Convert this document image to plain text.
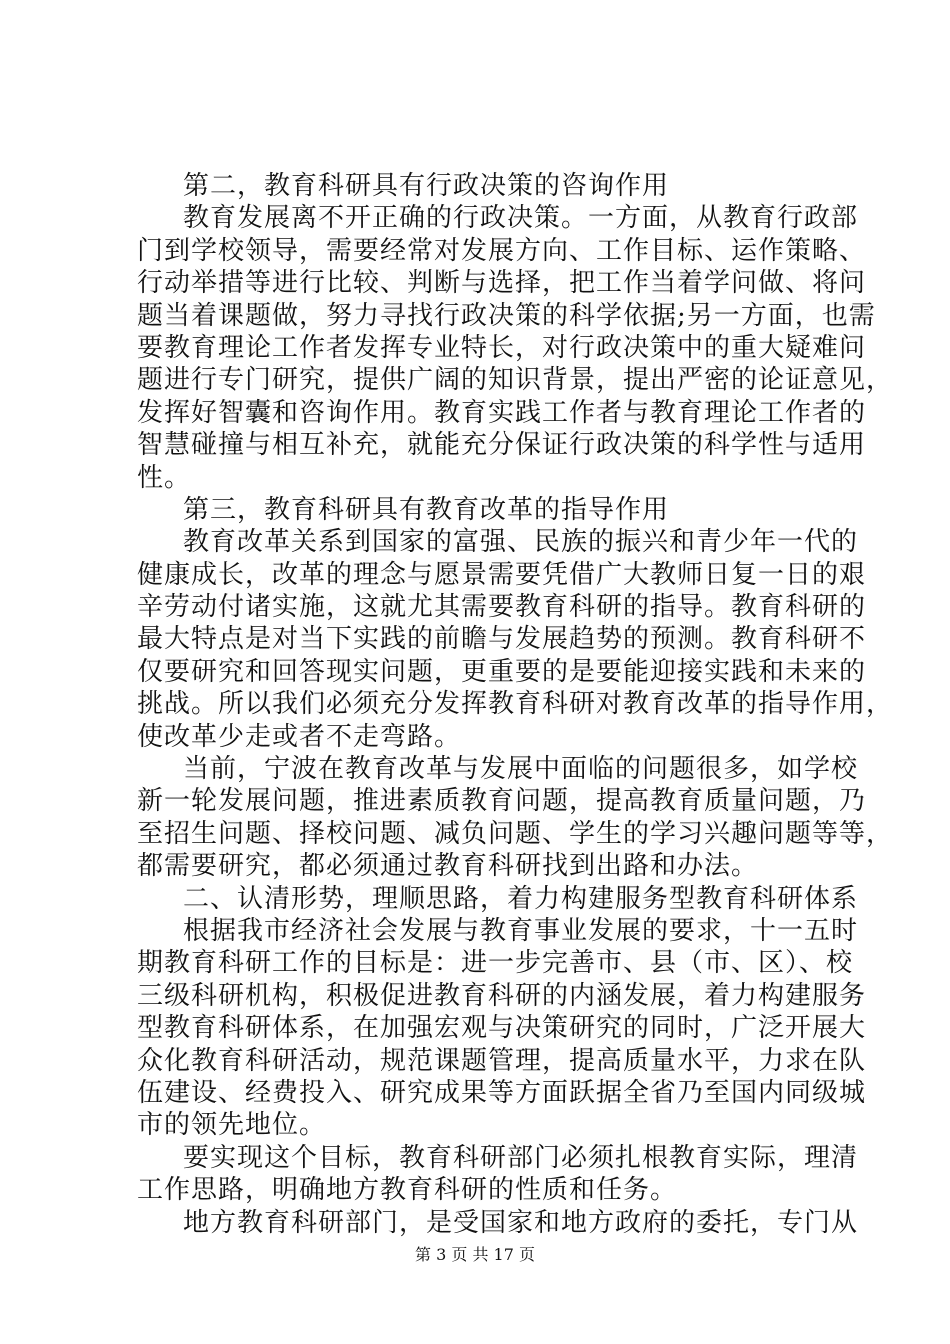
第二，教育科研具有行政决策的咨询作用
教育发展离不开正确的行政决策。一方面，从教育行政部
门到学校领导，需要经常对发展方向、工作目标、运作策略、
行动举措等进行比较、判断与选择，把工作当着学问做、将问
题当着课题做，努力寻找行政决策的科学依据;另一方面，也需
要教育理论工作者发挥专业特长，对行政决策中的重大疑难问
题进行专门研究，提供广阔的知识背景，提出严密的论证意见，
发挥好智囊和咨询作用。教育实践工作者与教育理论工作者的
智慧碰撞与相互补充，就能充分保证行政决策的科学性与适用
性。
第三，教育科研具有教育改革的指导作用
教育改革关系到国家的富强、民族的振兴和青少年一代的
健康成长，改革的理念与愿景需要凭借广大教师日复一日的艰
辛劳动付诸实施，这就尤其需要教育科研的指导。教育科研的
最大特点是对当下实践的前瞻与发展趋势的预测。教育科研不
仅要研究和回答现实问题，更重要的是要能迎接实践和未来的
挑战。所以我们必须充分发挥教育科研对教育改革的指导作用，
使改革少走或者不走弯路。
当前，宁波在教育改革与发展中面临的问题很多，如学校
新一轮发展问题，推进素质教育问题，提高教育质量问题，乃
至招生问题、择校问题、减负问题、学生的学习兴趣问题等等，
都需要研究，都必须通过教育科研找到出路和办法。
二、认清形势，理顺思路，着力构建服务型教育科研体系
根据我市经济社会发展与教育事业发展的要求，十一五时
期教育科研工作的目标是：进一步完善市、县（市、区）、校
三级科研机构，积极促进教育科研的内涵发展，着力构建服务
型教育科研体系，在加强宏观与决策研究的同时，广泛开展大
众化教育科研活动，规范课题管理，提高质量水平，力求在队
伍建设、经费投入、研究成果等方面跃据全省乃至国内同级城
市的领先地位。
要实现这个目标，教育科研部门必须扎根教育实际，理清
工作思路，明确地方教育科研的性质和任务。
地方教育科研部门，是受国家和地方政府的委托，专门从
第 3 页 共 17 页
